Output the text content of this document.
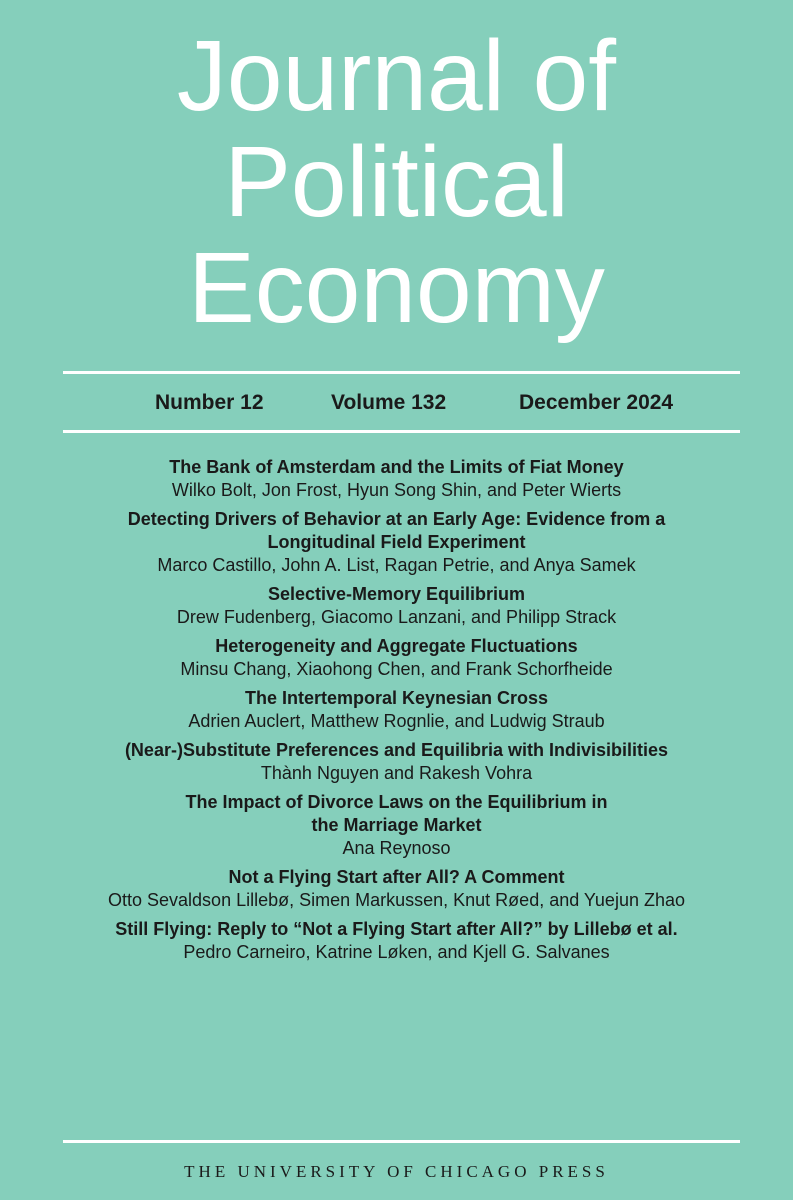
Journal of
Political
Economy
Number 12	Volume 132	December 2024
The Bank of Amsterdam and the Limits of Fiat Money
Wilko Bolt, Jon Frost, Hyun Song Shin, and Peter Wierts
Detecting Drivers of Behavior at an Early Age: Evidence from a Longitudinal Field Experiment
Marco Castillo, John A. List, Ragan Petrie, and Anya Samek
Selective-Memory Equilibrium
Drew Fudenberg, Giacomo Lanzani, and Philipp Strack
Heterogeneity and Aggregate Fluctuations
Minsu Chang, Xiaohong Chen, and Frank Schorfheide
The Intertemporal Keynesian Cross
Adrien Auclert, Matthew Rognlie, and Ludwig Straub
(Near-)Substitute Preferences and Equilibria with Indivisibilities
Thành Nguyen and Rakesh Vohra
The Impact of Divorce Laws on the Equilibrium in the Marriage Market
Ana Reynoso
Not a Flying Start after All? A Comment
Otto Sevaldson Lillebø, Simen Markussen, Knut Røed, and Yuejun Zhao
Still Flying: Reply to “Not a Flying Start after All?” by Lillebø et al.
Pedro Carneiro, Katrine Løken, and Kjell G. Salvanes
THE UNIVERSITY OF CHICAGO PRESS
